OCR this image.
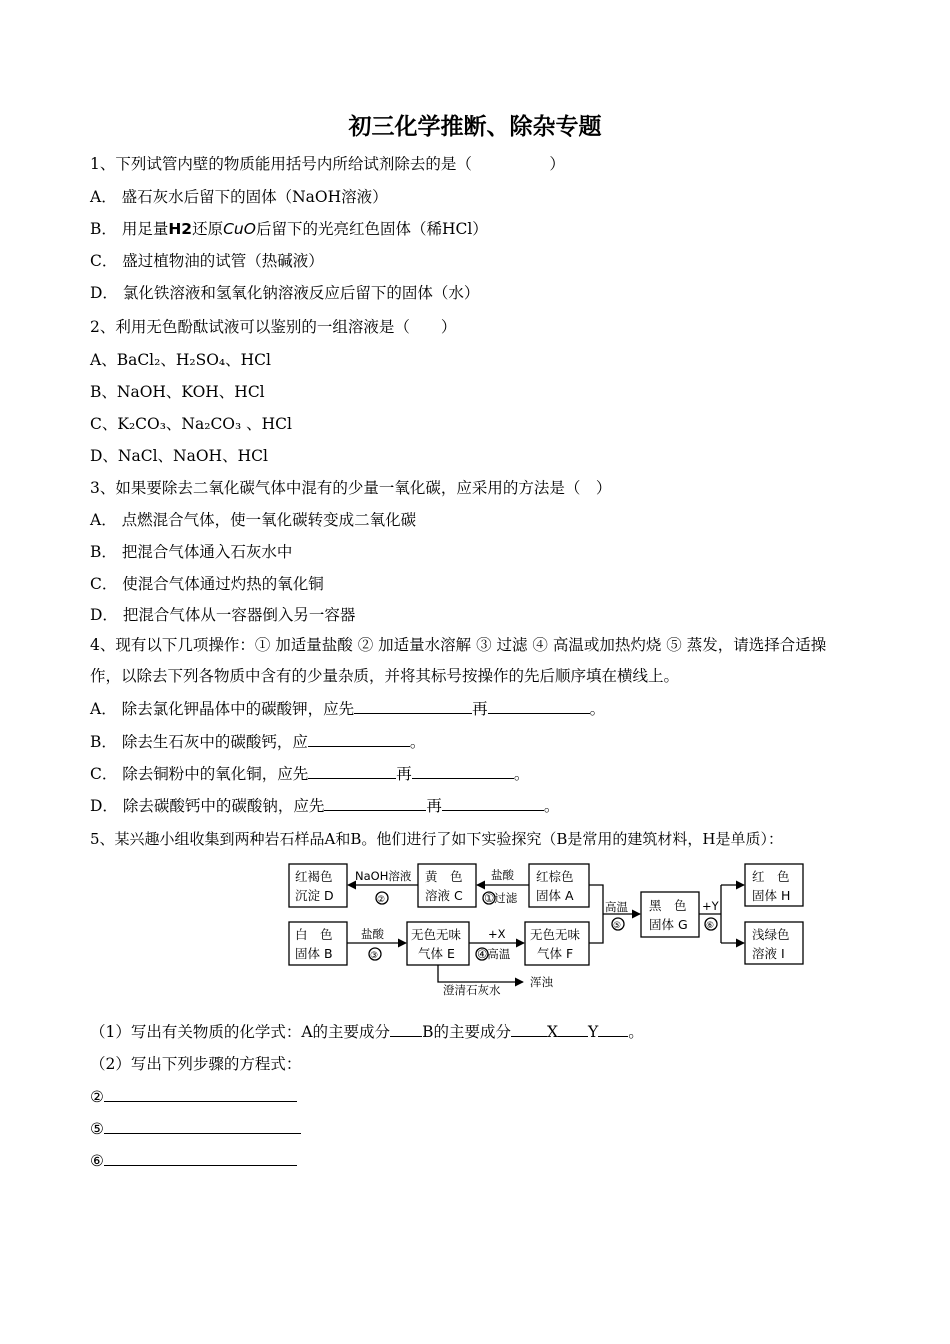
初三化学推断、除杂专题
1、下列试管内壁的物质能用括号内所给试剂除去的是（　　　　　）
A． 盛石灰水后留下的固体（NaOH溶液）
B． 用足量H2还原CuO后留下的光亮红色固体（稀HCl）
C． 盛过植物油的试管（热碱液）
D． 氯化铁溶液和氢氧化钠溶液反应后留下的固体（水）
2、利用无色酚酞试液可以鉴别的一组溶液是（　　）
A、BaCl₂、H₂SO₄、HCl
B、NaOH、KOH、HCl
C、K₂CO₃、Na₂CO₃ 、HCl
D、NaCl、NaOH、HCl
3、如果要除去二氧化碳气体中混有的少量一氧化碳，应采用的方法是（　）
A． 点燃混合气体，使一氧化碳转变成二氧化碳
B． 把混合气体通入石灰水中
C． 使混合气体通过灼热的氧化铜
D． 把混合气体从一容器倒入另一容器
4、现有以下几项操作：① 加适量盐酸 ② 加适量水溶解 ③ 过滤 ④ 高温或加热灼烧 ⑤ 蒸发，请选择合适操
作，以除去下列各物质中含有的少量杂质，并将其标号按操作的先后顺序填在横线上。
A． 除去氯化钾晶体中的碳酸钾，应先	再	。
B． 除去生石灰中的碳酸钙，应	。
C． 除去铜粉中的氧化铜，应先	再	。
D． 除去碳酸钙中的碳酸钠，应先	再	。
5、某兴趣小组收集到两种岩石样品A和B。他们进行了如下实验探究（B是常用的建筑材料，H是单质）：
红褐色
沉淀 D
黄　色
溶液 C
红棕色
固体 A
白　色
固体 B
无色无味
气体 E
无色无味
气体 F
黑　色
固体 G
红　色
固体 H
浅绿色
溶液 I
NaOH溶液
②
盐酸
①过滤
盐酸
③
+X
④高温
高温
⑤
+Y
⑥
澄清石灰水
浑浊
（1）写出有关物质的化学式：A的主要成分 B的主要成分 X Y 。
（2）写出下列步骤的方程式：
②
⑤
⑥
